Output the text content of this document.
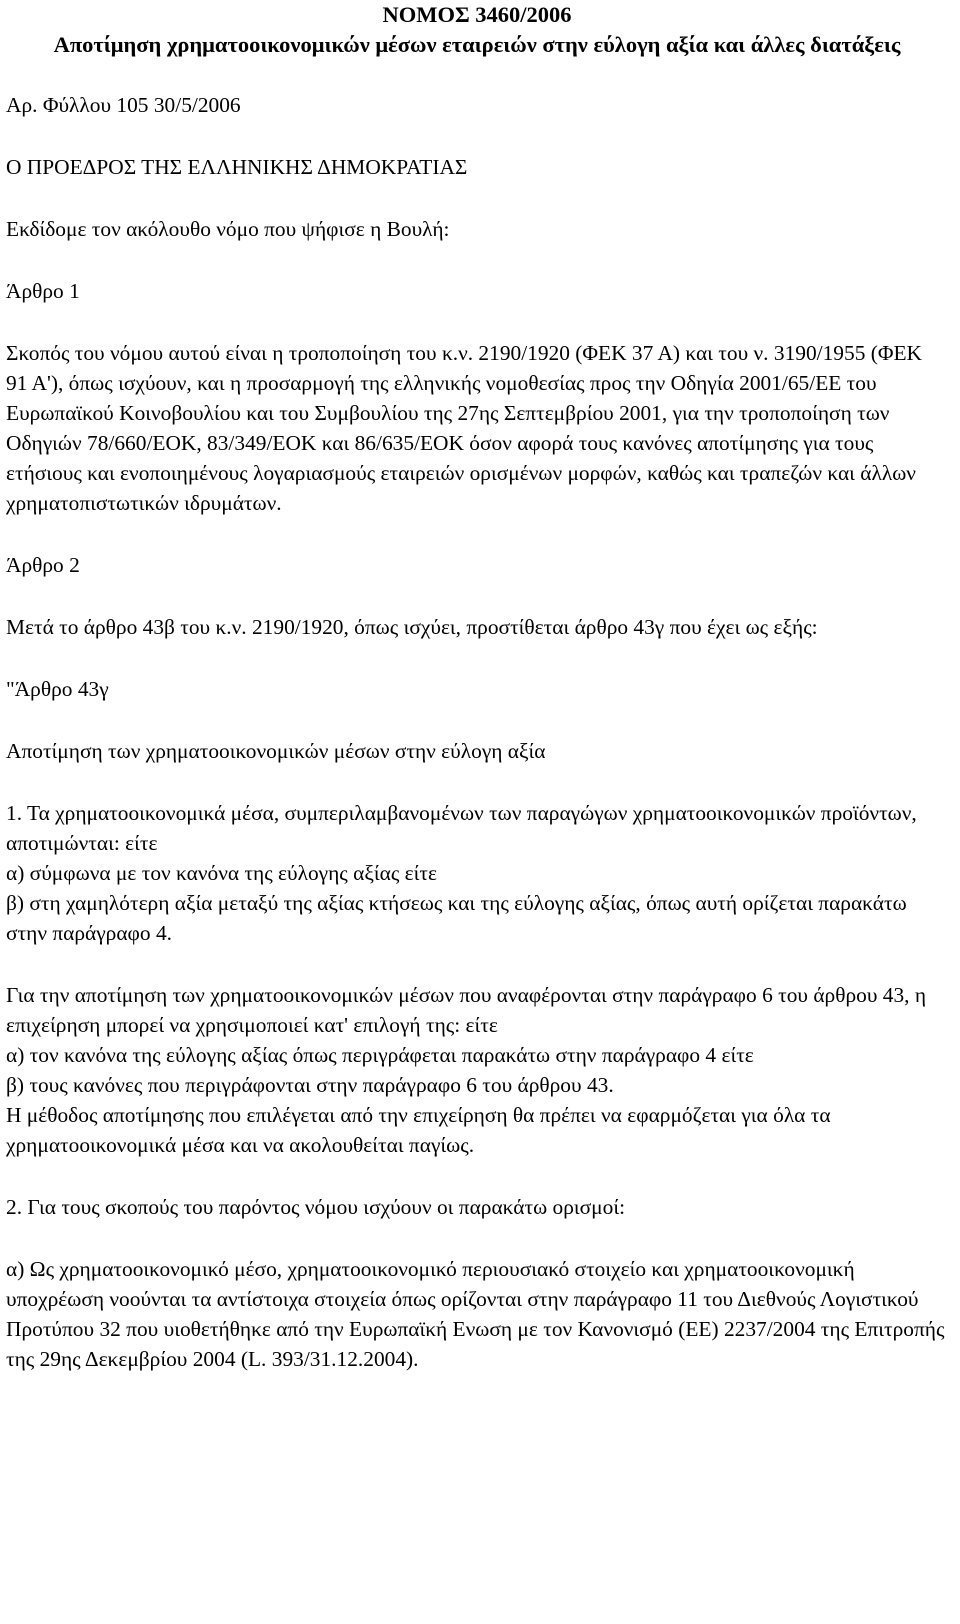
ΝΟΜΟΣ 3460/2006
Αποτίμηση χρηματοοικονομικών μέσων εταιρειών στην εύλογη αξία και άλλες διατάξεις

Αρ. Φύλλου 105 30/5/2006

Ο ΠΡΟΕΔΡΟΣ ΤΗΣ ΕΛΛΗΝΙΚΗΣ ΔΗΜΟΚΡΑΤΙΑΣ

Εκδίδομε τον ακόλουθο νόμο που ψήφισε η Βουλή:

Άρθρο 1

Σκοπός του νόμου αυτού είναι η τροποποίηση του κ.ν. 2190/1920 (ΦΕΚ 37 Α) και του ν. 3190/1955 (ΦΕΚ 91 Α'), όπως ισχύουν, και η προσαρμογή της ελληνικής νομοθεσίας προς την Οδηγία 2001/65/ΕΕ του Ευρωπαϊκού Κοινοβουλίου και του Συμβουλίου της 27ης Σεπτεμβρίου 2001, για την τροποποίηση των Οδηγιών 78/660/ΕΟΚ, 83/349/ΕΟΚ και 86/635/ΕΟΚ όσον αφορά τους κανόνες αποτίμησης για τους ετήσιους και ενοποιημένους λογαριασμούς εταιρειών ορισμένων μορφών, καθώς και τραπεζών και άλλων χρηματοπιστωτικών ιδρυμάτων.

Άρθρο 2

Μετά το άρθρο 43β του κ.ν. 2190/1920, όπως ισχύει, προστίθεται άρθρο 43γ που έχει ως εξής:

"Άρθρο 43γ

Αποτίμηση των χρηματοοικονομικών μέσων στην εύλογη αξία

1. Τα χρηματοοικονομικά μέσα, συμπεριλαμβανομένων των παραγώγων χρηματοοικονομικών προϊόντων, αποτιμώνται: είτε

α) σύμφωνα με τον κανόνα της εύλογης αξίας είτε

β) στη χαμηλότερη αξία μεταξύ της αξίας κτήσεως και της εύλογης αξίας, όπως αυτή ορίζεται παρακάτω στην παράγραφο 4.

Για την αποτίμηση των χρηματοοικονομικών μέσων που αναφέρονται στην παράγραφο 6 του άρθρου 43, η επιχείρηση μπορεί να χρησιμοποιεί κατ' επιλογή της: είτε

α) τον κανόνα της εύλογης αξίας όπως περιγράφεται παρακάτω στην παράγραφο 4 είτε

β) τους κανόνες που περιγράφονται στην παράγραφο 6 του άρθρου 43.

Η μέθοδος αποτίμησης που επιλέγεται από την επιχείρηση θα πρέπει να εφαρμόζεται για όλα τα χρηματοοικονομικά μέσα και να ακολουθείται παγίως.

2. Για τους σκοπούς του παρόντος νόμου ισχύουν οι παρακάτω ορισμοί:

α) Ως χρηματοοικονομικό μέσο, χρηματοοικονομικό περιουσιακό στοιχείο και χρηματοοικονομική υποχρέωση νοούνται τα αντίστοιχα στοιχεία όπως ορίζονται στην παράγραφο 11 του Διεθνούς Λογιστικού Προτύπου 32 που υιοθετήθηκε από την Ευρωπαϊκή Ενωση με τον Κανονισμό (ΕΕ) 2237/2004 της Επιτροπής της 29ης Δεκεμβρίου 2004 (L. 393/31.12.2004).
